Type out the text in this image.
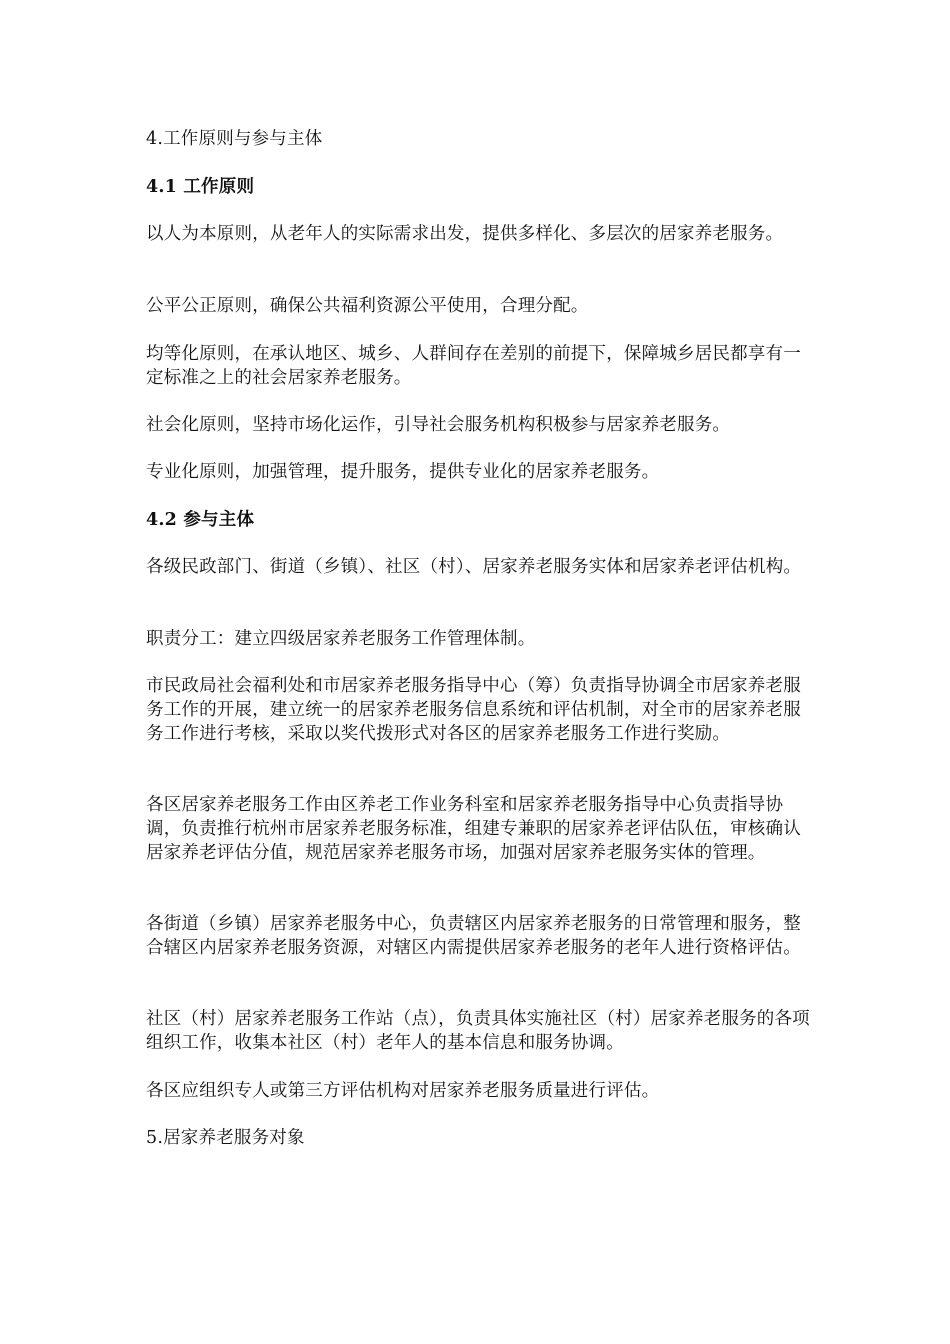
4.工作原则与参与主体

4.1 工作原则

以人为本原则，从老年人的实际需求出发，提供多样化、多层次的居家养老服务。

公平公正原则，确保公共福利资源公平使用，合理分配。

均等化原则，在承认地区、城乡、人群间存在差别的前提下，保障城乡居民都享有一定标准之上的社会居家养老服务。

社会化原则，坚持市场化运作，引导社会服务机构积极参与居家养老服务。

专业化原则，加强管理，提升服务，提供专业化的居家养老服务。

4.2 参与主体

各级民政部门、街道（乡镇）、社区（村）、居家养老服务实体和居家养老评估机构。

职责分工：建立四级居家养老服务工作管理体制。

市民政局社会福利处和市居家养老服务指导中心（筹）负责指导协调全市居家养老服务工作的开展，建立统一的居家养老服务信息系统和评估机制，对全市的居家养老服务工作进行考核，采取以奖代拨形式对各区的居家养老服务工作进行奖励。

各区居家养老服务工作由区养老工作业务科室和居家养老服务指导中心负责指导协调，负责推行杭州市居家养老服务标准，组建专兼职的居家养老评估队伍，审核确认居家养老评估分值，规范居家养老服务市场，加强对居家养老服务实体的管理。

各街道（乡镇）居家养老服务中心，负责辖区内居家养老服务的日常管理和服务，整合辖区内居家养老服务资源，对辖区内需提供居家养老服务的老年人进行资格评估。

社区（村）居家养老服务工作站（点），负责具体实施社区（村）居家养老服务的各项组织工作，收集本社区（村）老年人的基本信息和服务协调。

各区应组织专人或第三方评估机构对居家养老服务质量进行评估。

5.居家养老服务对象
